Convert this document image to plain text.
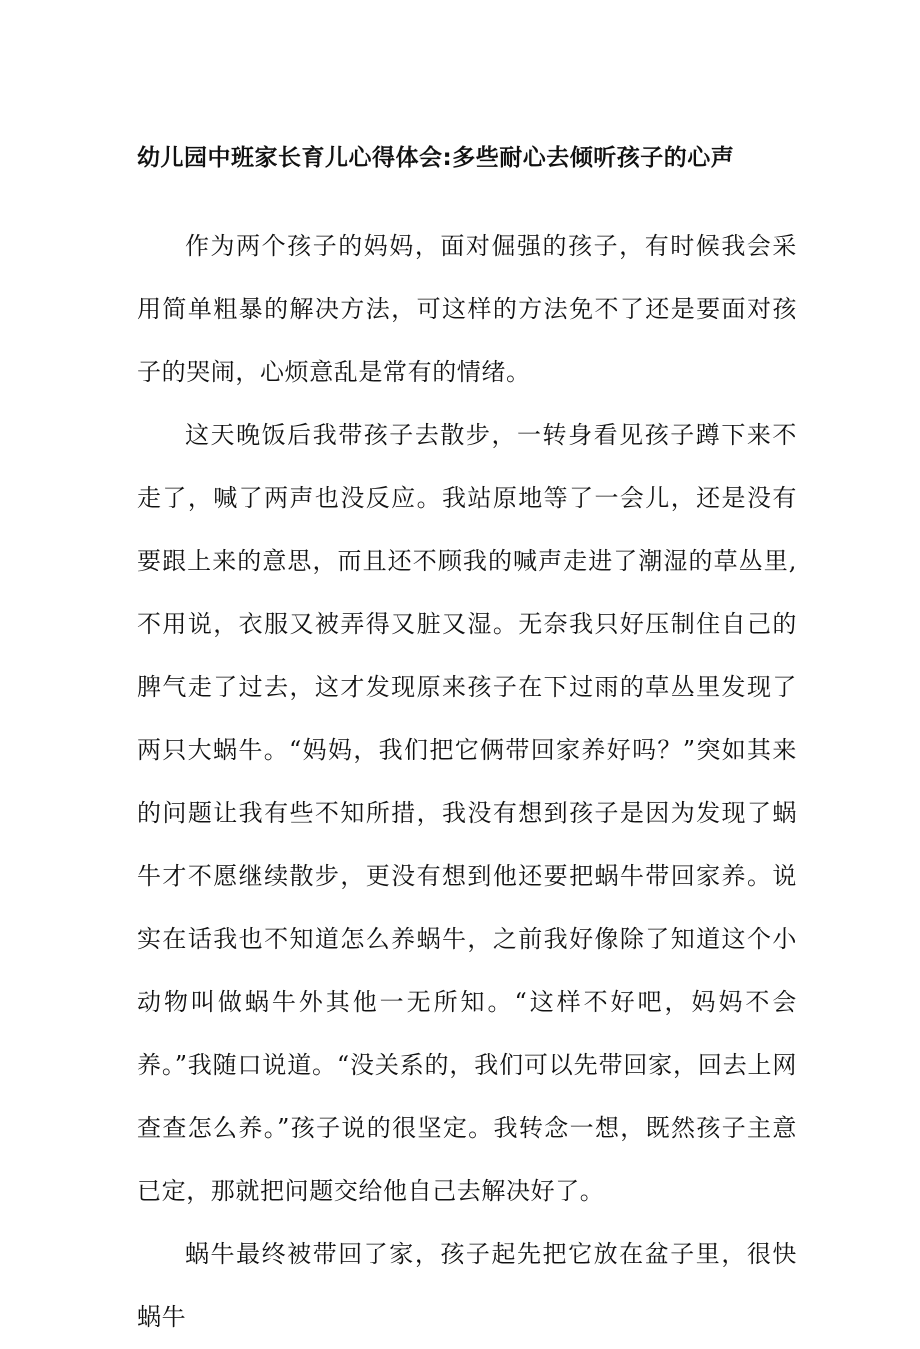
幼儿园中班家长育儿心得体会:多些耐心去倾听孩子的心声

作为两个孩子的妈妈，面对倔强的孩子，有时候我会采用简单粗暴的解决方法，可这样的方法免不了还是要面对孩子的哭闹，心烦意乱是常有的情绪。

这天晚饭后我带孩子去散步，一转身看见孩子蹲下来不走了，喊了两声也没反应。我站原地等了一会儿，还是没有要跟上来的意思，而且还不顾我的喊声走进了潮湿的草丛里,不用说，衣服又被弄得又脏又湿。无奈我只好压制住自己的脾气走了过去，这才发现原来孩子在下过雨的草丛里发现了两只大蜗牛。“妈妈，我们把它俩带回家养好吗？”突如其来的问题让我有些不知所措，我没有想到孩子是因为发现了蜗牛才不愿继续散步，更没有想到他还要把蜗牛带回家养。说实在话我也不知道怎么养蜗牛，之前我好像除了知道这个小动物叫做蜗牛外其他一无所知。“这样不好吧，妈妈不会养。”我随口说道。“没关系的，我们可以先带回家，回去上网查查怎么养。”孩子说的很坚定。我转念一想，既然孩子主意已定，那就把问题交给他自己去解决好了。

蜗牛最终被带回了家，孩子起先把它放在盆子里，很快蜗牛
